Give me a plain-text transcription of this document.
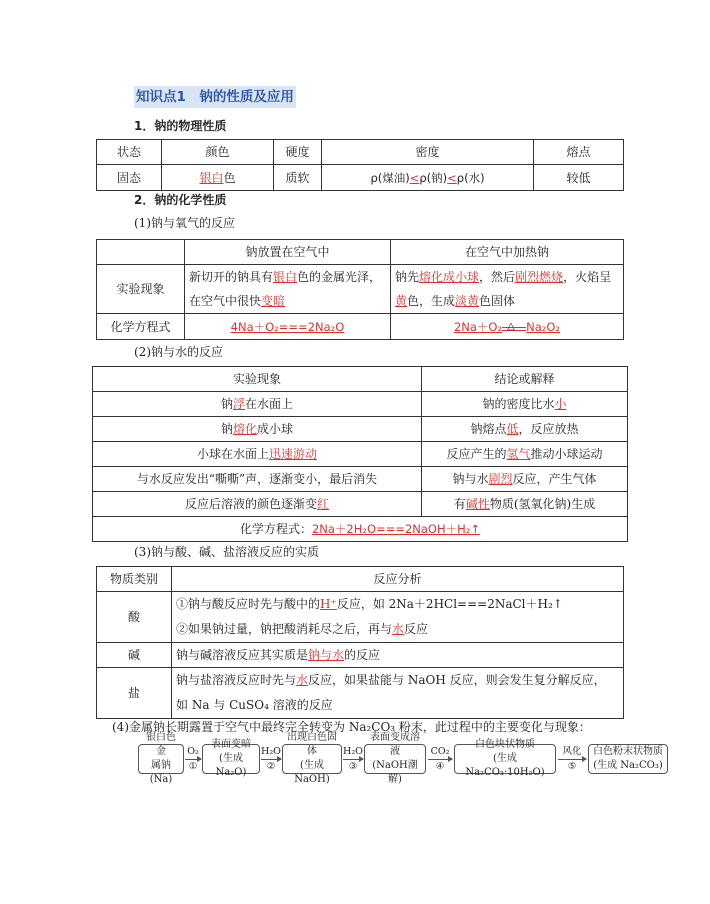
知识点1　钠的性质及应用
1．钠的物理性质
状态	颜色	硬度	密度	熔点
固态	银白色	质软	ρ(煤油)<ρ(钠)<ρ(水)	较低
2．钠的化学性质
(1)钠与氧气的反应
	钠放置在空气中	在空气中加热钠
实验现象	新切开的钠具有银白色的金属光泽，在空气中很快变暗	钠先熔化成小球，然后剧烈燃烧，火焰呈黄色，生成淡黄色固体
化学方程式	4Na＋O₂===2Na₂O	2Na＋O₂ △ Na₂O₂
(2)钠与水的反应
实验现象	结论或解释
钠浮在水面上	钠的密度比水小
钠熔化成小球	钠熔点低，反应放热
小球在水面上迅速游动	反应产生的氢气推动小球运动
与水反应发出“嘶嘶”声，逐渐变小，最后消失	钠与水剧烈反应，产生气体
反应后溶液的颜色逐渐变红	有碱性物质(氢氧化钠)生成
化学方程式：2Na＋2H₂O===2NaOH＋H₂↑	
(3)钠与酸、碱、盐溶液反应的实质
物质类别	反应分析
酸	①钠与酸反应时先与酸中的H⁺反应，如 2Na＋2HCl===2NaCl＋H₂↑
②如果钠过量，钠把酸消耗尽之后，再与水反应

碱	钠与碱溶液反应其实质是钠与水的反应
盐	钠与盐溶液反应时先与水反应，如果盐能与 NaOH 反应，则会发生复分解反应，
如 Na 与 CuSO₄ 溶液的反应
(4)金属钠长期露置于空气中最终完全转变为 Na₂CO₃ 粉末，此过程中的主要变化与现象：
银白色金
属钠(Na)
O₂
①
表面变暗
(生成Na₂O)
H₂O
②
出现白色固体
(生成NaOH)
H₂O
③
表面变成溶液
(NaOH潮解)
CO₂
④
白色块状物质
(生成 Na₂CO₃·10H₂O)
风化
⑤
白色粉末状物质
(生成 Na₂CO₃)
